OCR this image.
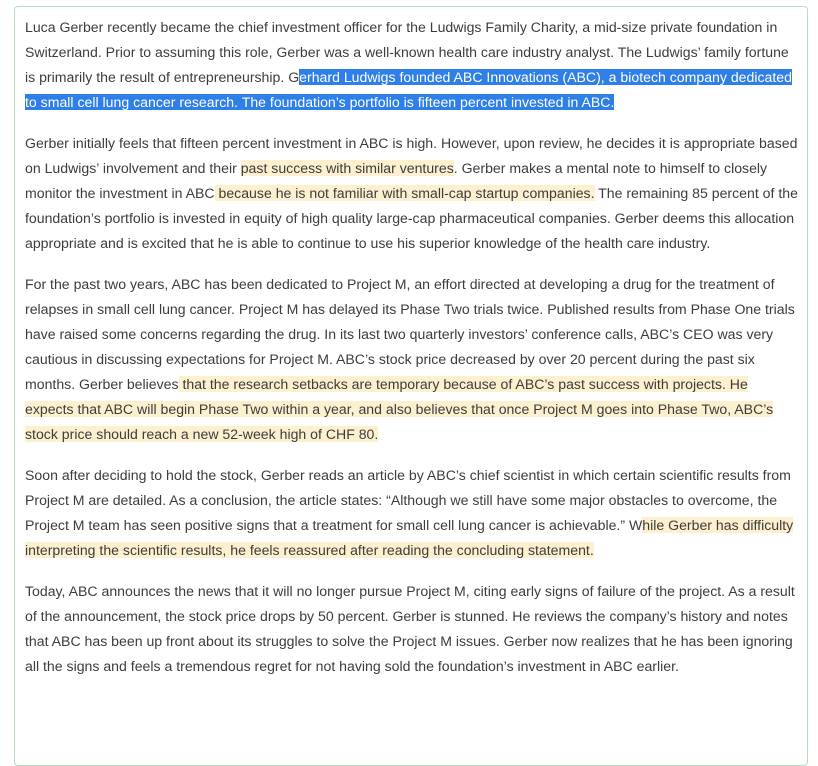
Luca Gerber recently became the chief investment officer for the Ludwigs Family Charity, a mid-size private foundation in Switzerland. Prior to assuming this role, Gerber was a well-known health care industry analyst. The Ludwigs’ family fortune is primarily the result of entrepreneurship. Gerhard Ludwigs founded ABC Innovations (ABC), a biotech company dedicated to small cell lung cancer research. The foundation’s portfolio is fifteen percent invested in ABC.

Gerber initially feels that fifteen percent investment in ABC is high. However, upon review, he decides it is appropriate based on Ludwigs’ involvement and their past success with similar ventures. Gerber makes a mental note to himself to closely monitor the investment in ABC because he is not familiar with small-cap startup companies. The remaining 85 percent of the foundation’s portfolio is invested in equity of high quality large-cap pharmaceutical companies. Gerber deems this allocation appropriate and is excited that he is able to continue to use his superior knowledge of the health care industry.

For the past two years, ABC has been dedicated to Project M, an effort directed at developing a drug for the treatment of relapses in small cell lung cancer. Project M has delayed its Phase Two trials twice. Published results from Phase One trials have raised some concerns regarding the drug. In its last two quarterly investors’ conference calls, ABC’s CEO was very cautious in discussing expectations for Project M. ABC’s stock price decreased by over 20 percent during the past six months. Gerber believes that the research setbacks are temporary because of ABC’s past success with projects. He expects that ABC will begin Phase Two within a year, and also believes that once Project M goes into Phase Two, ABC’s stock price should reach a new 52-week high of CHF 80.

Soon after deciding to hold the stock, Gerber reads an article by ABC’s chief scientist in which certain scientific results from Project M are detailed. As a conclusion, the article states: “Although we still have some major obstacles to overcome, the Project M team has seen positive signs that a treatment for small cell lung cancer is achievable.” While Gerber has difficulty interpreting the scientific results, he feels reassured after reading the concluding statement.

Today, ABC announces the news that it will no longer pursue Project M, citing early signs of failure of the project. As a result of the announcement, the stock price drops by 50 percent. Gerber is stunned. He reviews the company’s history and notes that ABC has been up front about its struggles to solve the Project M issues. Gerber now realizes that he has been ignoring all the signs and feels a tremendous regret for not having sold the foundation’s investment in ABC earlier.
